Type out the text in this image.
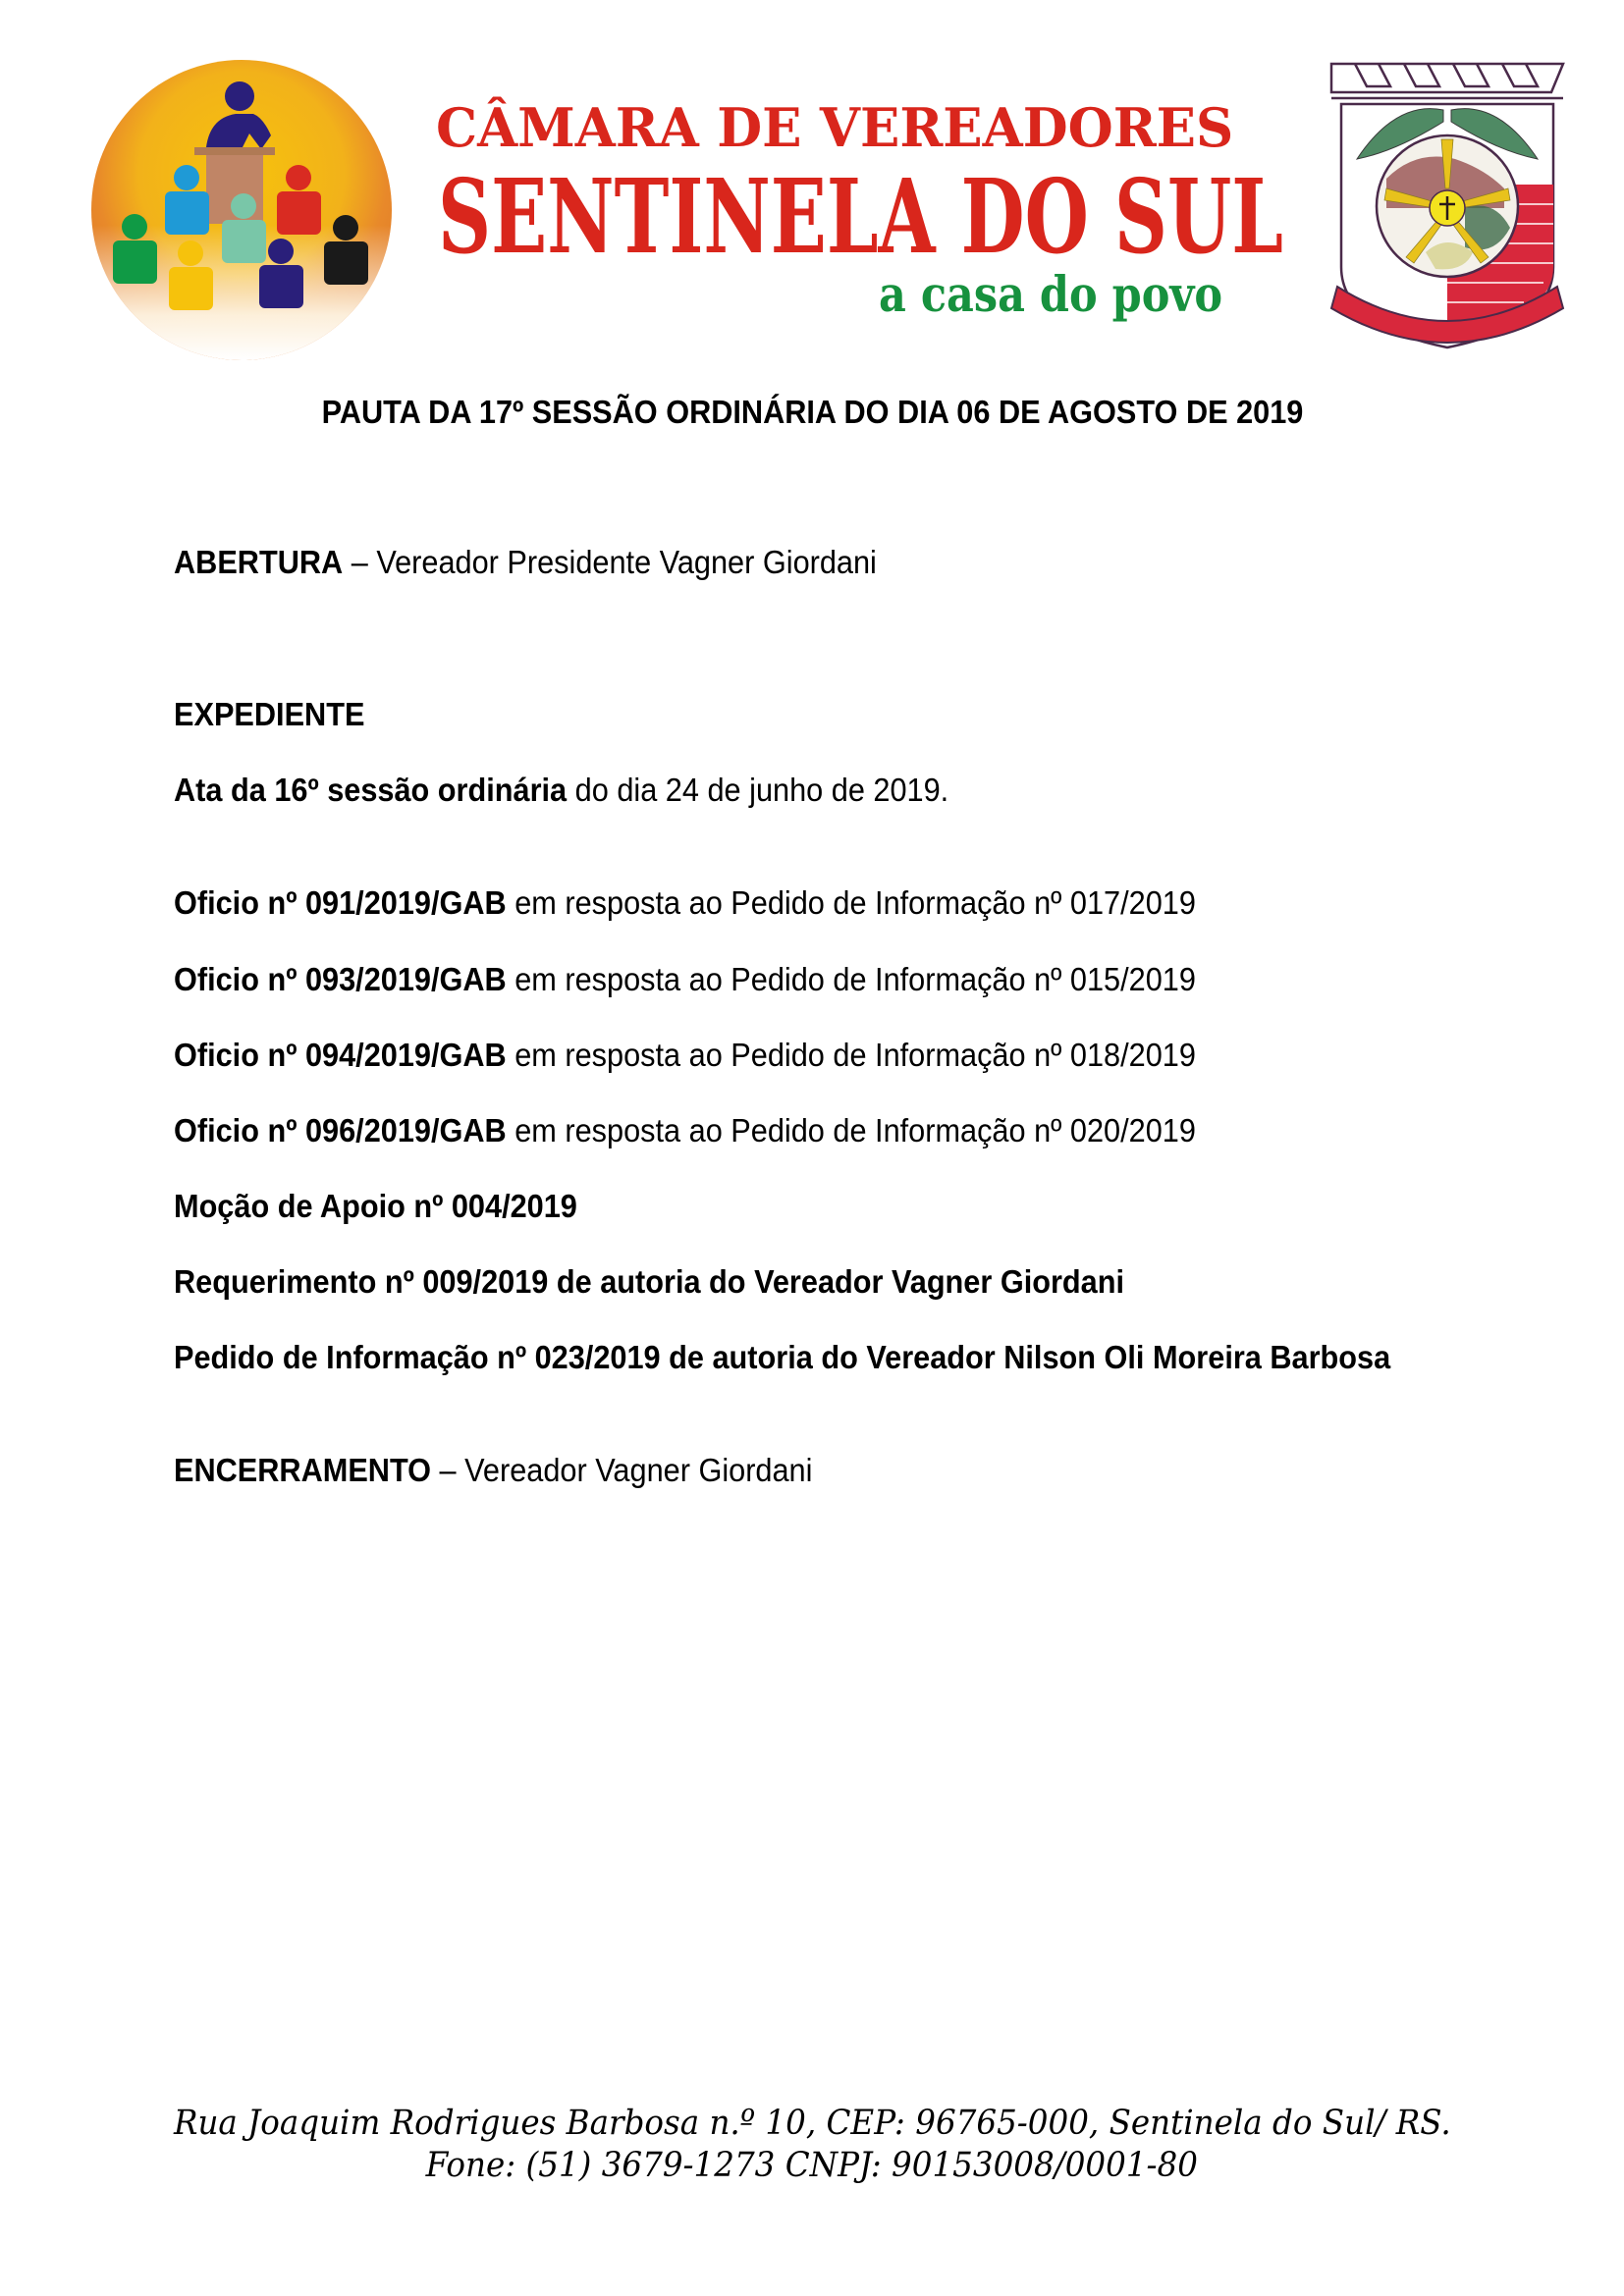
CÂMARA DE VEREADORES
SENTINELA DO SUL
a casa do povo
PAUTA DA 17º SESSÃO ORDINÁRIA DO DIA 06 DE AGOSTO DE 2019
ABERTURA – Vereador Presidente Vagner Giordani
EXPEDIENTE
Ata da 16º sessão ordinária do dia 24 de junho de 2019.
Oficio nº 091/2019/GAB em resposta ao Pedido de Informação nº 017/2019
Oficio nº 093/2019/GAB em resposta ao Pedido de Informação nº 015/2019
Oficio nº 094/2019/GAB em resposta ao Pedido de Informação nº 018/2019
Oficio nº 096/2019/GAB em resposta ao Pedido de Informação nº 020/2019
Moção de Apoio nº 004/2019
Requerimento nº 009/2019 de autoria do Vereador Vagner Giordani
Pedido de Informação nº 023/2019 de autoria do Vereador Nilson Oli Moreira Barbosa
ENCERRAMENTO – Vereador Vagner Giordani
Rua Joaquim Rodrigues Barbosa n.º 10, CEP: 96765-000, Sentinela do Sul/ RS.
Fone: (51) 3679-1273 CNPJ: 90153008/0001-80
